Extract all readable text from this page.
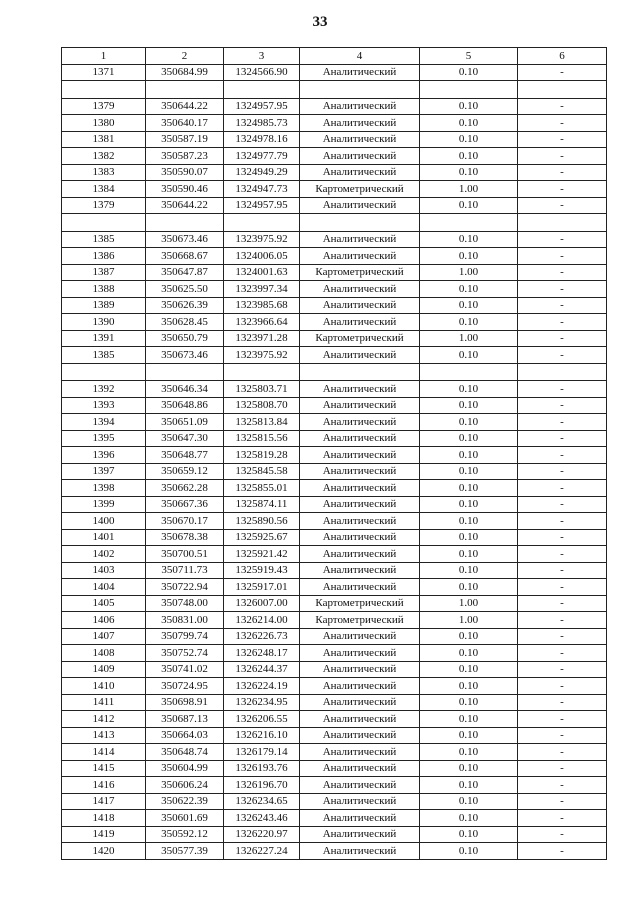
33
1	2	3	4	5	6
1371	350684.99	1324566.90	Аналитический	0.10	-

1379	350644.22	1324957.95	Аналитический	0.10	-
1380	350640.17	1324985.73	Аналитический	0.10	-
1381	350587.19	1324978.16	Аналитический	0.10	-
1382	350587.23	1324977.79	Аналитический	0.10	-
1383	350590.07	1324949.29	Аналитический	0.10	-
1384	350590.46	1324947.73	Картометрический	1.00	-
1379	350644.22	1324957.95	Аналитический	0.10	-

1385	350673.46	1323975.92	Аналитический	0.10	-
1386	350668.67	1324006.05	Аналитический	0.10	-
1387	350647.87	1324001.63	Картометрический	1.00	-
1388	350625.50	1323997.34	Аналитический	0.10	-
1389	350626.39	1323985.68	Аналитический	0.10	-
1390	350628.45	1323966.64	Аналитический	0.10	-
1391	350650.79	1323971.28	Картометрический	1.00	-
1385	350673.46	1323975.92	Аналитический	0.10	-

1392	350646.34	1325803.71	Аналитический	0.10	-
1393	350648.86	1325808.70	Аналитический	0.10	-
1394	350651.09	1325813.84	Аналитический	0.10	-
1395	350647.30	1325815.56	Аналитический	0.10	-
1396	350648.77	1325819.28	Аналитический	0.10	-
1397	350659.12	1325845.58	Аналитический	0.10	-
1398	350662.28	1325855.01	Аналитический	0.10	-
1399	350667.36	1325874.11	Аналитический	0.10	-
1400	350670.17	1325890.56	Аналитический	0.10	-
1401	350678.38	1325925.67	Аналитический	0.10	-
1402	350700.51	1325921.42	Аналитический	0.10	-
1403	350711.73	1325919.43	Аналитический	0.10	-
1404	350722.94	1325917.01	Аналитический	0.10	-
1405	350748.00	1326007.00	Картометрический	1.00	-
1406	350831.00	1326214.00	Картометрический	1.00	-
1407	350799.74	1326226.73	Аналитический	0.10	-
1408	350752.74	1326248.17	Аналитический	0.10	-
1409	350741.02	1326244.37	Аналитический	0.10	-
1410	350724.95	1326224.19	Аналитический	0.10	-
1411	350698.91	1326234.95	Аналитический	0.10	-
1412	350687.13	1326206.55	Аналитический	0.10	-
1413	350664.03	1326216.10	Аналитический	0.10	-
1414	350648.74	1326179.14	Аналитический	0.10	-
1415	350604.99	1326193.76	Аналитический	0.10	-
1416	350606.24	1326196.70	Аналитический	0.10	-
1417	350622.39	1326234.65	Аналитический	0.10	-
1418	350601.69	1326243.46	Аналитический	0.10	-
1419	350592.12	1326220.97	Аналитический	0.10	-
1420	350577.39	1326227.24	Аналитический	0.10	-
